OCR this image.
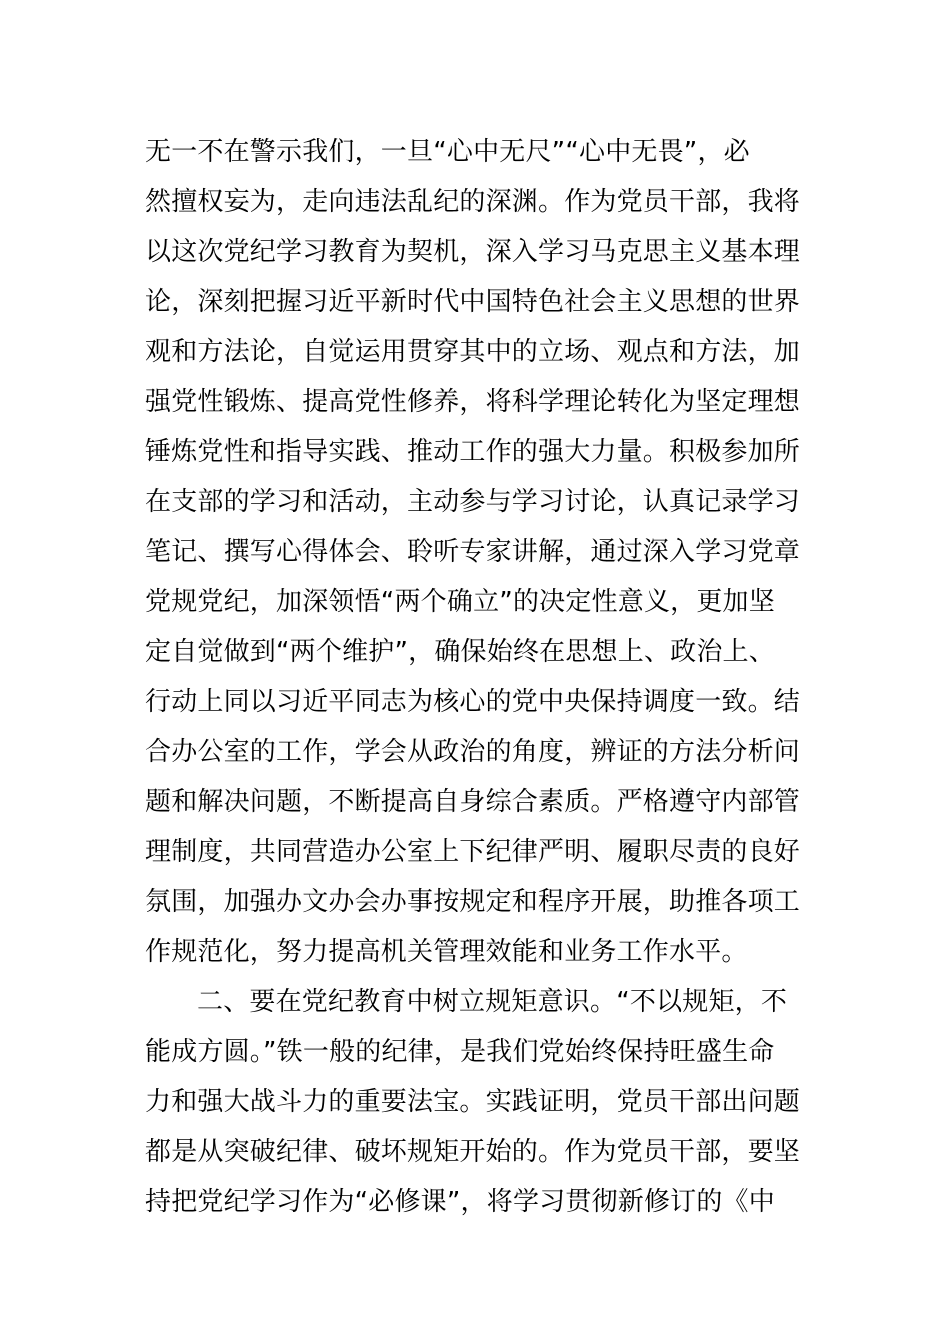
无一不在警示我们，一旦“心中无尺”“心中无畏”，必
然擅权妄为，走向违法乱纪的深渊。作为党员干部，我将
以这次党纪学习教育为契机，深入学习马克思主义基本理
论，深刻把握习近平新时代中国特色社会主义思想的世界
观和方法论，自觉运用贯穿其中的立场、观点和方法，加
强党性锻炼、提高党性修养，将科学理论转化为坚定理想
锤炼党性和指导实践、推动工作的强大力量。积极参加所
在支部的学习和活动，主动参与学习讨论，认真记录学习
笔记、撰写心得体会、聆听专家讲解，通过深入学习党章
党规党纪，加深领悟“两个确立”的决定性意义，更加坚
定自觉做到“两个维护”，确保始终在思想上、政治上、
行动上同以习近平同志为核心的党中央保持调度一致。结
合办公室的工作，学会从政治的角度，辨证的方法分析问
题和解决问题，不断提高自身综合素质。严格遵守内部管
理制度，共同营造办公室上下纪律严明、履职尽责的良好
氛围，加强办文办会办事按规定和程序开展，助推各项工
作规范化，努力提高机关管理效能和业务工作水平。
二、要在党纪教育中树立规矩意识。“不以规矩，不
能成方圆。”铁一般的纪律，是我们党始终保持旺盛生命
力和强大战斗力的重要法宝。实践证明，党员干部出问题
都是从突破纪律、破坏规矩开始的。作为党员干部，要坚
持把党纪学习作为“必修课”，将学习贯彻新修订的《中
